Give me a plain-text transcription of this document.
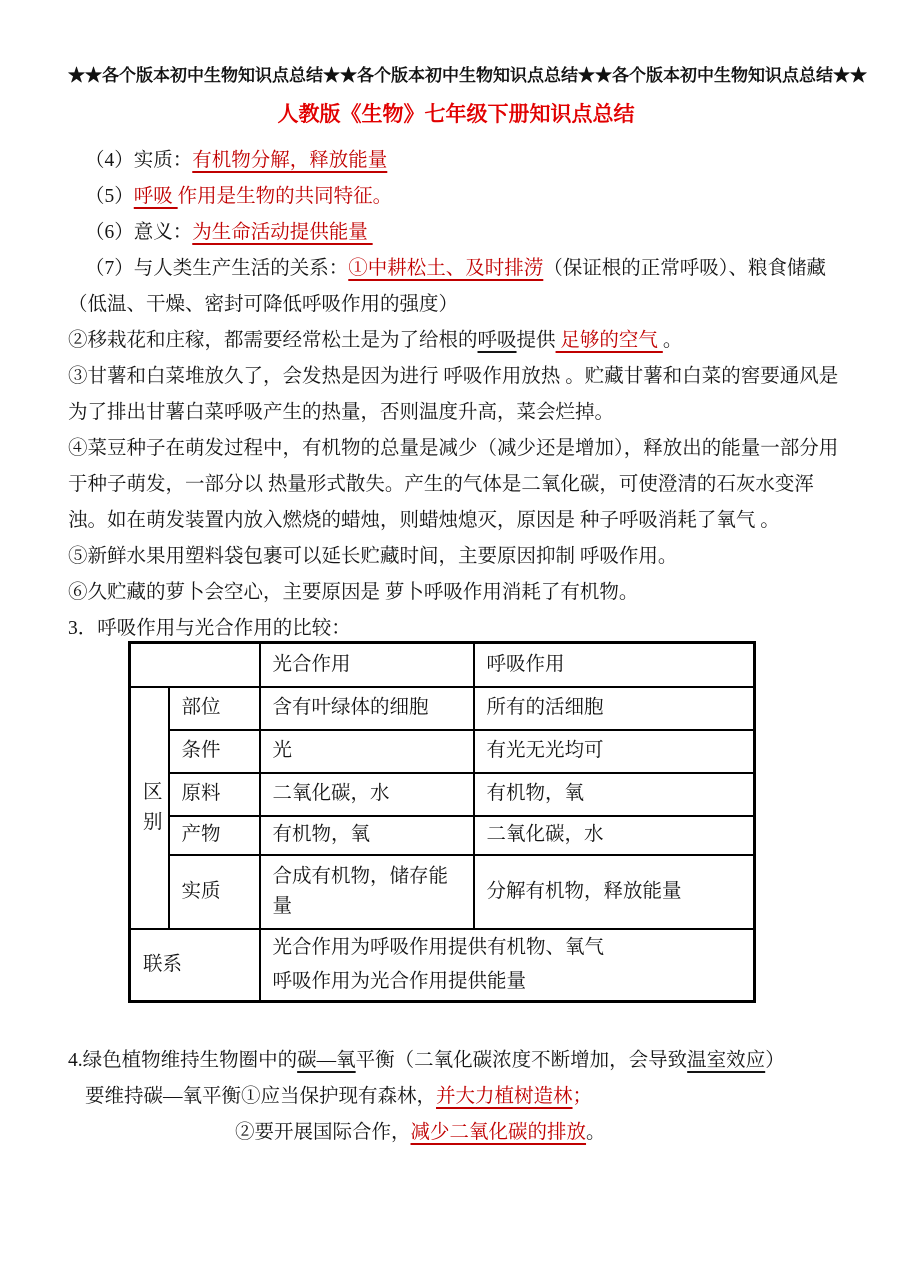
★★各个版本初中生物知识点总结★★各个版本初中生物知识点总结★★各个版本初中生物知识点总结★★
人教版《生物》七年级下册知识点总结

（4）实质：有机物分解，释放能量

（5）呼吸 作用是生物的共同特征。

（6）意义：为生命活动提供能量

（7）与人类生产生活的关系：①中耕松土、及时排涝（保证根的正常呼吸）、粮食储藏（低温、干燥、密封可降低呼吸作用的强度）

②移栽花和庄稼，都需要经常松土是为了给根的呼吸提供 足够的空气 。

③甘薯和白菜堆放久了，会发热是因为进行 呼吸作用放热 。贮藏甘薯和白菜的窖要通风是为了排出甘薯白菜呼吸产生的热量，否则温度升高，菜会烂掉。

④菜豆种子在萌发过程中，有机物的总量是减少（减少还是增加），释放出的能量一部分用于种子萌发，一部分以 热量形式散失。产生的气体是二氧化碳，可使澄清的石灰水变浑浊。如在萌发装置内放入燃烧的蜡烛，则蜡烛熄灭，原因是 种子呼吸消耗了氧气 。

⑤新鲜水果用塑料袋包裹可以延长贮藏时间，主要原因抑制 呼吸作用。

⑥久贮藏的萝卜会空心，主要原因是 萝卜呼吸作用消耗了有机物。

3．呼吸作用与光合作用的比较：

		光合作用	呼吸作用
区别	部位	含有叶绿体的细胞	所有的活细胞
	条件	光	有光无光均可
	原料	二氧化碳，水	有机物，氧
	产物	有机物，氧	二氧化碳，水
	实质	合成有机物，储存能量	分解有机物，释放能量
联系		光合作用为呼吸作用提供有机物、氧气
呼吸作用为光合作用提供能量	

4.绿色植物维持生物圈中的碳—氧平衡（二氧化碳浓度不断增加，会导致温室效应）

要维持碳—氧平衡①应当保护现有森林，并大力植树造林；

②要开展国际合作，减少二氧化碳的排放。
